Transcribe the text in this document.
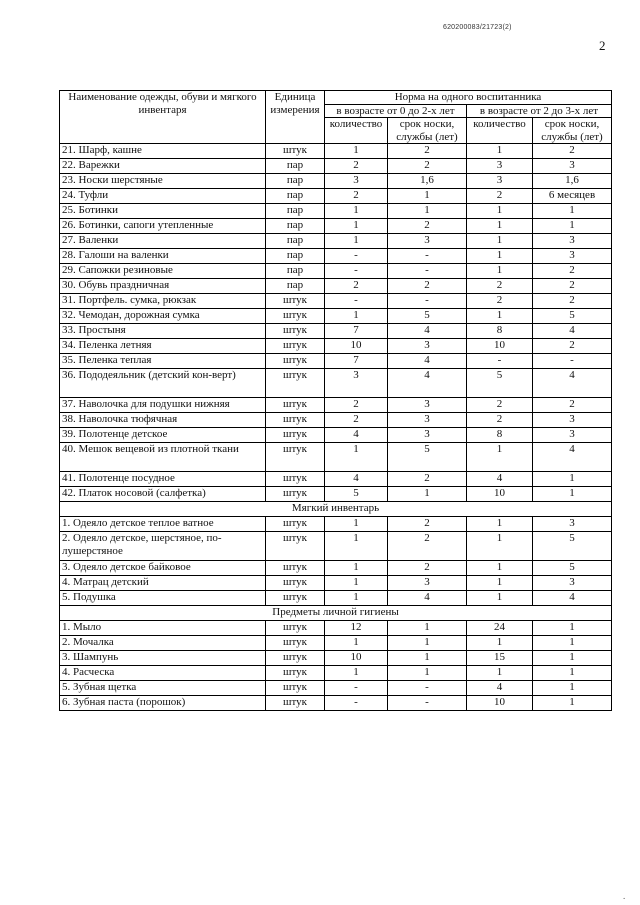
620200083/21723(2)
2
Наименование одежды, обуви и мягкого инвентаря	Единица измерения	Норма на одного воспитанника			
		в возрасте от 0 до 2-х лет		в возрасте от 2 до 3-х лет	
		количество	срок носки, службы (лет)	количество	срок носки, службы (лет)
21. Шарф, кашне	штук	1	2	1	2
22. Варежки	пар	2	2	3	3
23. Носки шерстяные	пар	3	1,6	3	1,6
24. Туфли	пар	2	1	2	6 месяцев
25. Ботинки	пар	1	1	1	1
26. Ботинки, сапоги утепленные	пар	1	2	1	1
27. Валенки	пар	1	3	1	3
28. Галоши на валенки	пар	-	-	1	3
29. Сапожки резиновые	пар	-	-	1	2
30. Обувь праздничная	пар	2	2	2	2
31. Портфель. сумка, рюкзак	штук	-	-	2	2
32. Чемодан, дорожная сумка	штук	1	5	1	5
33. Простыня	штук	7	4	8	4
34. Пеленка летняя	штук	10	3	10	2
35. Пеленка теплая	штук	7	4	-	-
36. Пододеяльник (детский кон-верт)	штук	3	4	5	4
37. Наволочка для подушки нижняя	штук	2	3	2	2
38. Наволочка тюфячная	штук	2	3	2	3
39. Полотенце детское	штук	4	3	8	3
40. Мешок вещевой из плотной ткани	штук	1	5	1	4
41. Полотенце посудное	штук	4	2	4	1
42. Платок носовой (салфетка)	штук	5	1	10	1
Мягкий инвентарь					
1. Одеяло детское теплое ватное	штук	1	2	1	3
2. Одеяло детское, шерстяное, по-лушерстяное	штук	1	2	1	5
3. Одеяло детское байковое	штук	1	2	1	5
4. Матрац детский	штук	1	3	1	3
5. Подушка	штук	1	4	1	4
Предметы личной гигиены					
1. Мыло	штук	12	1	24	1
2. Мочалка	штук	1	1	1	1
3. Шампунь	штук	10	1	15	1
4. Расческа	штук	1	1	1	1
5. Зубная щетка	штук	-	-	4	1
6. Зубная паста (порошок)	штук	-	-	10	1
.
